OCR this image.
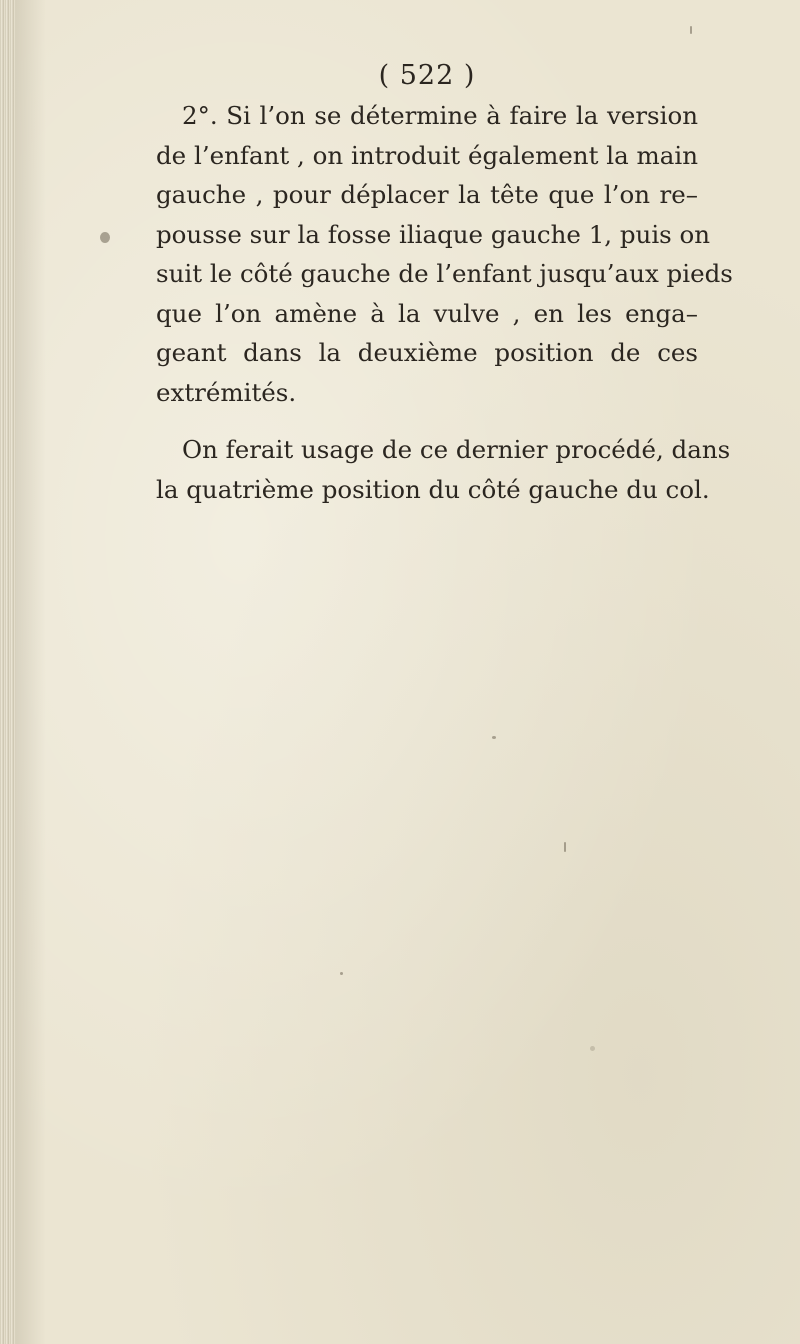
( 522 )

2°. Si l’on se détermine à faire la version
de l’enfant , on introduit également la main
gauche , pour déplacer la tête que l’on re–
pousse sur la fosse iliaque gauche 1, puis on
suit le côté gauche de l’enfant jusqu’aux pieds
que l’on amène à la vulve , en les enga–
geant dans la deuxième position de ces
extrémités.

On ferait usage de ce dernier procédé, dans
la quatrième position du côté gauche du col.
